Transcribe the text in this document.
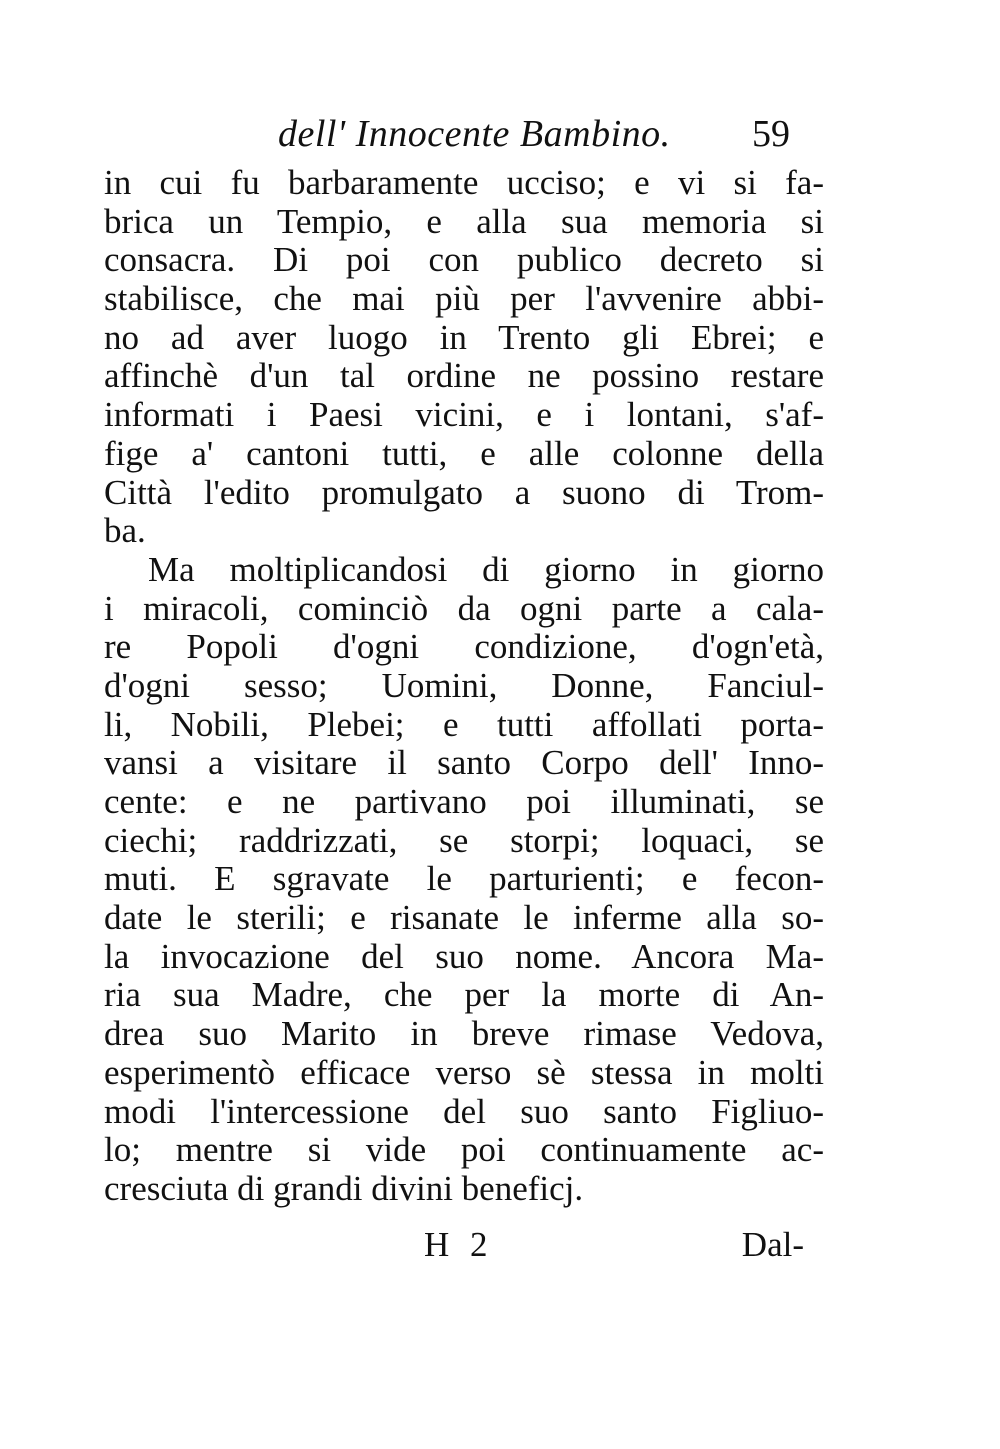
dell' Innocente Bambino. 59
in cui fu barbaramente ucciso; e vi si fa-
brica un Tempio, e alla sua memoria si
consacra. Di poi con publico decreto si
stabilisce, che mai più per l'avvenire abbi-
no ad aver luogo in Trento gli Ebrei; e
affinchè d'un tal ordine ne possino restare
informati i Paesi vicini, e i lontani, s'af-
fige a' cantoni tutti, e alle colonne della
Città l'edito promulgato a suono di Trom-
ba.
Ma moltiplicandosi di giorno in giorno
i miracoli, cominciò da ogni parte a cala-
re Popoli d'ogni condizione, d'ogn'età,
d'ogni sesso; Uomini, Donne, Fanciul-
li, Nobili, Plebei; e tutti affollati porta-
vansi a visitare il santo Corpo dell' Inno-
cente: e ne partivano poi illuminati, se
ciechi; raddrizzati, se storpi; loquaci, se
muti. E sgravate le parturienti; e fecon-
date le sterili; e risanate le inferme alla so-
la invocazione del suo nome. Ancora Ma-
ria sua Madre, che per la morte di An-
drea suo Marito in breve rimase Vedova,
esperimentò efficace verso sè stessa in molti
modi l'intercessione del suo santo Figliuo-
lo; mentre si vide poi continuamente ac-
cresciuta di grandi divini beneficj.
H 2	Dal-
